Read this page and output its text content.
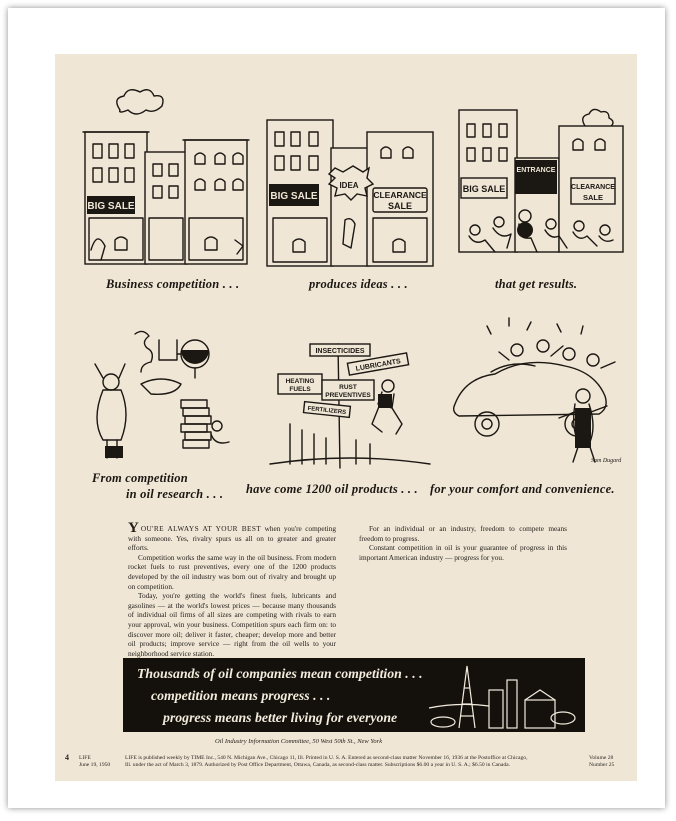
BIG SALE
BIG SALE
IDEA
CLEARANCE
SALE
ENTRANCE
BIG SALE	CLEARANCE
SALE
Business competition . . .	produces ideas . . .	that get results.
INSECTICIDES
LUBRICANTS
HEATING
FUELS	RUST
PREVENTIVES
FERTILIZERS
Sam Dugard
From competition
in oil research . . . have come 1200 oil products . . . for your comfort and convenience.

YOU'RE ALWAYS AT YOUR BEST when you're competing with someone. Yes, rivalry spurs us all on to greater and greater efforts.

Competition works the same way in the oil business. From modern rocket fuels to rust preventives, every one of the 1200 products developed by the oil industry was born out of rivalry and brought up on competition.

Today, you're getting the world's finest fuels, lubricants and gasolines — at the world's lowest prices — because many thousands of individual oil firms of all sizes are competing with rivals to earn your approval, win your business. Competition spurs each firm on: to discover more oil; deliver it faster, cheaper; develop more and better oil products; improve service — right from the oil wells to your neighborhood service station.

For an individual or an industry, freedom to compete means freedom to progress.

Constant competition in oil is your guarantee of progress in this important American industry — progress for you.

Thousands of oil companies mean competition . . .
competition means progress . . .
progress means better living for everyone
Oil Industry Information Committee, 50 West 50th St., New York
4 LIFE
June 19, 1950
LIFE is published weekly by TIME Inc., 540 N. Michigan Ave., Chicago 11, Ill. Printed in U. S. A. Entered as second-class matter November 16, 1936 at the Postoffice at Chicago,
Ill. under the act of March 3, 1879. Authorized by Post Office Department, Ottawa, Canada, as second-class matter. Subscriptions $6.00 a year in U. S. A.; $6.50 in Canada.
Volume 28
Number 25
